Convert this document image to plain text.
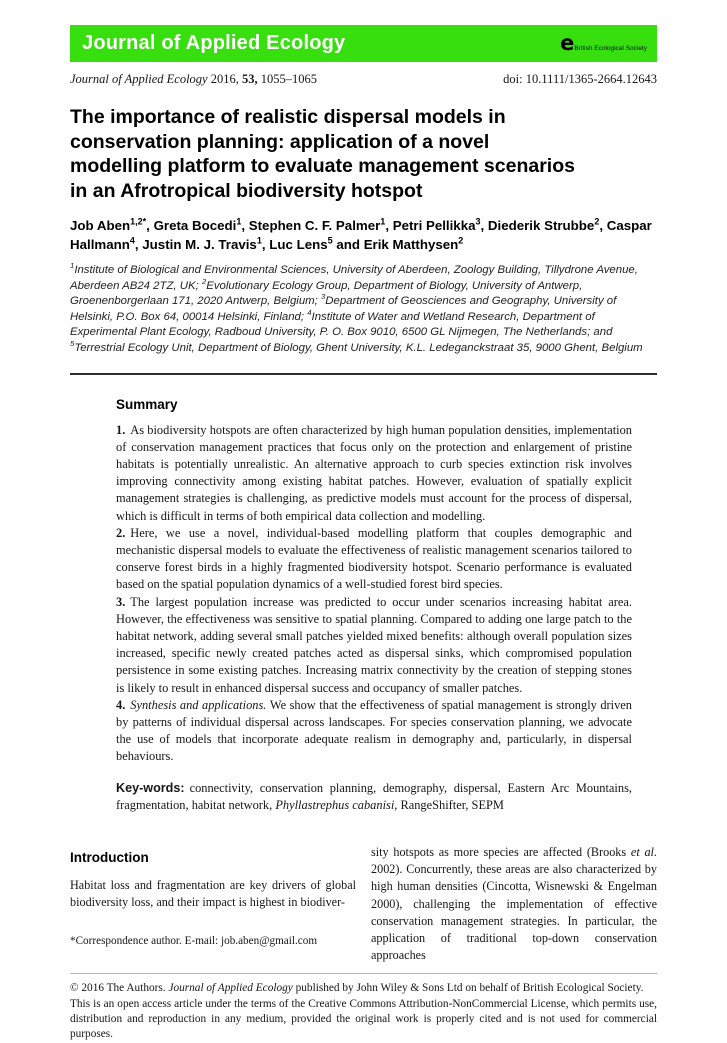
Journal of Applied Ecology	eBritish Ecological Society
Journal of Applied Ecology 2016, 53, 1055–1065	doi: 10.1111/1365-2664.12643
The importance of realistic dispersal models in
conservation planning: application of a novel
modelling platform to evaluate management scenarios
in an Afrotropical biodiversity hotspot

Job Aben$^{1,2*}$, Greta Bocedi$^1$, Stephen C. F. Palmer$^1$, Petri Pellikka$^3$, Diederik Strubbe$^2$, Caspar Hallmann$^4$, Justin M. J. Travis$^1$, Luc Lens$^5$ and Erik Matthysen$^2$

$^1$Institute of Biological and Environmental Sciences, University of Aberdeen, Zoology Building, Tillydrone Avenue, Aberdeen AB24 2TZ, UK; $^2$Evolutionary Ecology Group, Department of Biology, University of Antwerp, Groenenborgerlaan 171, 2020 Antwerp, Belgium; $^3$Department of Geosciences and Geography, University of Helsinki, P.O. Box 64, 00014 Helsinki, Finland; $^4$Institute of Water and Wetland Research, Department of Experimental Plant Ecology, Radboud University, P. O. Box 9010, 6500 GL Nijmegen, The Netherlands; and $^5$Terrestrial Ecology Unit, Department of Biology, Ghent University, K.L. Ledeganckstraat 35, 9000 Ghent, Belgium

Summary

1. As biodiversity hotspots are often characterized by high human population densities, implementation of conservation management practices that focus only on the protection and enlargement of pristine habitats is potentially unrealistic. An alternative approach to curb species extinction risk involves improving connectivity among existing habitat patches. However, evaluation of spatially explicit management strategies is challenging, as predictive models must account for the process of dispersal, which is difficult in terms of both empirical data collection and modelling.

2. Here, we use a novel, individual-based modelling platform that couples demographic and mechanistic dispersal models to evaluate the effectiveness of realistic management scenarios tailored to conserve forest birds in a highly fragmented biodiversity hotspot. Scenario performance is evaluated based on the spatial population dynamics of a well-studied forest bird species.

3. The largest population increase was predicted to occur under scenarios increasing habitat area. However, the effectiveness was sensitive to spatial planning. Compared to adding one large patch to the habitat network, adding several small patches yielded mixed benefits: although overall population sizes increased, specific newly created patches acted as dispersal sinks, which compromised population persistence in some existing patches. Increasing matrix connectivity by the creation of stepping stones is likely to result in enhanced dispersal success and occupancy of smaller patches.

4. Synthesis and applications. We show that the effectiveness of spatial management is strongly driven by patterns of individual dispersal across landscapes. For species conservation planning, we advocate the use of models that incorporate adequate realism in demography and, particularly, in dispersal behaviours.

Key-words: connectivity, conservation planning, demography, dispersal, Eastern Arc Mountains, fragmentation, habitat network, Phyllastrephus cabanisi, RangeShifter, SEPM

Introduction

Habitat loss and fragmentation are key drivers of global biodiversity loss, and their impact is highest in biodiver-

*Correspondence author. E-mail: job.aben@gmail.com

sity hotspots as more species are affected (Brooks et al. 2002). Concurrently, these areas are also characterized by high human densities (Cincotta, Wisnewski & Engelman 2000), challenging the implementation of effective conservation management strategies. In particular, the application of traditional top-down conservation approaches

© 2016 The Authors. Journal of Applied Ecology published by John Wiley & Sons Ltd on behalf of British Ecological Society.

This is an open access article under the terms of the Creative Commons Attribution-NonCommercial License, which permits use, distribution and reproduction in any medium, provided the original work is properly cited and is not used for commercial purposes.
